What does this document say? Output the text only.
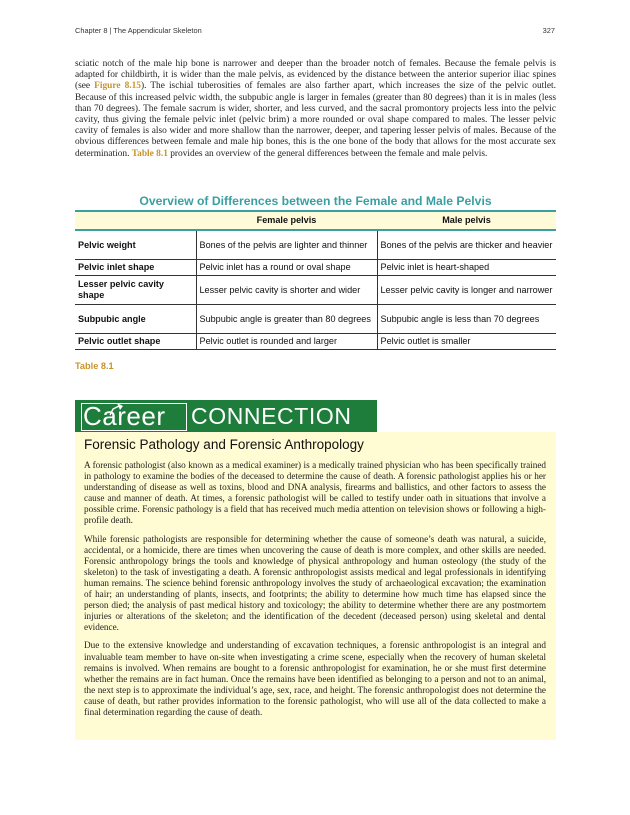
Chapter 8 | The Appendicular Skeleton	327
sciatic notch of the male hip bone is narrower and deeper than the broader notch of females. Because the female pelvis is adapted for childbirth, it is wider than the male pelvis, as evidenced by the distance between the anterior superior iliac spines (see Figure 8.15). The ischial tuberosities of females are also farther apart, which increases the size of the pelvic outlet. Because of this increased pelvic width, the subpubic angle is larger in females (greater than 80 degrees) than it is in males (less than 70 degrees). The female sacrum is wider, shorter, and less curved, and the sacral promontory projects less into the pelvic cavity, thus giving the female pelvic inlet (pelvic brim) a more rounded or oval shape compared to males. The lesser pelvic cavity of females is also wider and more shallow than the narrower, deeper, and tapering lesser pelvis of males. Because of the obvious differences between female and male hip bones, this is the one bone of the body that allows for the most accurate sex determination. Table 8.1 provides an overview of the general differences between the female and male pelvis.
Overview of Differences between the Female and Male Pelvis
	Female pelvis	Male pelvis
Pelvic weight	Bones of the pelvis are lighter and thinner	Bones of the pelvis are thicker and heavier
Pelvic inlet shape	Pelvic inlet has a round or oval shape	Pelvic inlet is heart-shaped
Lesser pelvic cavity shape	Lesser pelvic cavity is shorter and wider	Lesser pelvic cavity is longer and narrower
Subpubic angle	Subpubic angle is greater than 80 degrees	Subpubic angle is less than 70 degrees
Pelvic outlet shape	Pelvic outlet is rounded and larger	Pelvic outlet is smaller
Table 8.1
Career CONNECTION
Forensic Pathology and Forensic Anthropology

A forensic pathologist (also known as a medical examiner) is a medically trained physician who has been specifically trained in pathology to examine the bodies of the deceased to determine the cause of death. A forensic pathologist applies his or her understanding of disease as well as toxins, blood and DNA analysis, firearms and ballistics, and other factors to assess the cause and manner of death. At times, a forensic pathologist will be called to testify under oath in situations that involve a possible crime. Forensic pathology is a field that has received much media attention on television shows or following a high-profile death.

While forensic pathologists are responsible for determining whether the cause of someone’s death was natural, a suicide, accidental, or a homicide, there are times when uncovering the cause of death is more complex, and other skills are needed. Forensic anthropology brings the tools and knowledge of physical anthropology and human osteology (the study of the skeleton) to the task of investigating a death. A forensic anthropologist assists medical and legal professionals in identifying human remains. The science behind forensic anthropology involves the study of archaeological excavation; the examination of hair; an understanding of plants, insects, and footprints; the ability to determine how much time has elapsed since the person died; the analysis of past medical history and toxicology; the ability to determine whether there are any postmortem injuries or alterations of the skeleton; and the identification of the decedent (deceased person) using skeletal and dental evidence.

Due to the extensive knowledge and understanding of excavation techniques, a forensic anthropologist is an integral and invaluable team member to have on-site when investigating a crime scene, especially when the recovery of human skeletal remains is involved. When remains are bought to a forensic anthropologist for examination, he or she must first determine whether the remains are in fact human. Once the remains have been identified as belonging to a person and not to an animal, the next step is to approximate the individual’s age, sex, race, and height. The forensic anthropologist does not determine the cause of death, but rather provides information to the forensic pathologist, who will use all of the data collected to make a final determination regarding the cause of death.
